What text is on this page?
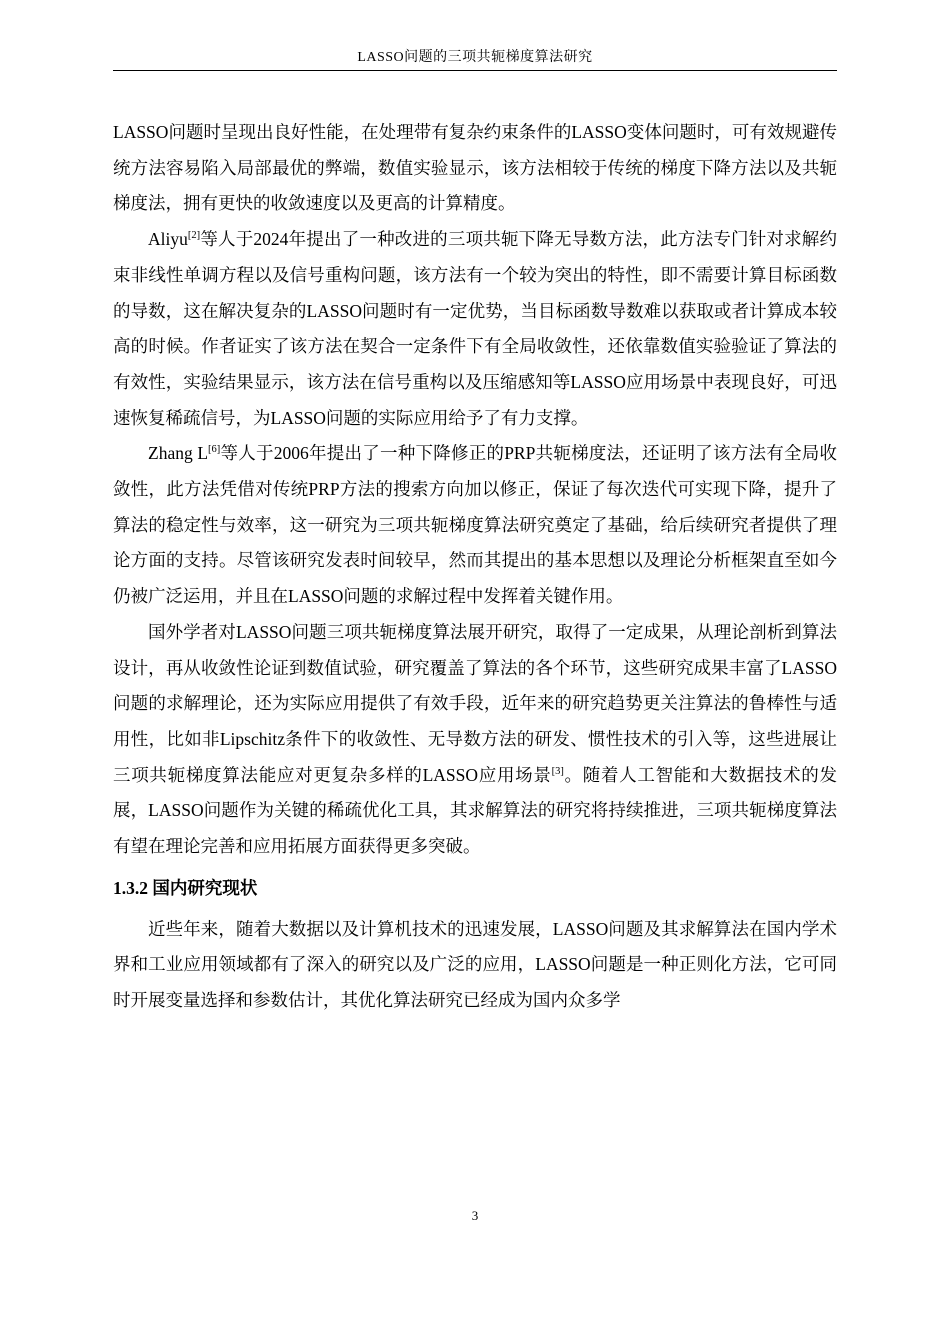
LASSO问题的三项共轭梯度算法研究

LASSO问题时呈现出良好性能，在处理带有复杂约束条件的LASSO变体问题时，可有效规避传统方法容易陷入局部最优的弊端，数值实验显示，该方法相较于传统的梯度下降方法以及共轭梯度法，拥有更快的收敛速度以及更高的计算精度。

Aliyu[2]等人于2024年提出了一种改进的三项共轭下降无导数方法，此方法专门针对求解约束非线性单调方程以及信号重构问题，该方法有一个较为突出的特性，即不需要计算目标函数的导数，这在解决复杂的LASSO问题时有一定优势，当目标函数导数难以获取或者计算成本较高的时候。作者证实了该方法在契合一定条件下有全局收敛性，还依靠数值实验验证了算法的有效性，实验结果显示，该方法在信号重构以及压缩感知等LASSO应用场景中表现良好，可迅速恢复稀疏信号，为LASSO问题的实际应用给予了有力支撑。

Zhang L[6]等人于2006年提出了一种下降修正的PRP共轭梯度法，还证明了该方法有全局收敛性，此方法凭借对传统PRP方法的搜索方向加以修正，保证了每次迭代可实现下降，提升了算法的稳定性与效率，这一研究为三项共轭梯度算法研究奠定了基础，给后续研究者提供了理论方面的支持。尽管该研究发表时间较早，然而其提出的基本思想以及理论分析框架直至如今仍被广泛运用，并且在LASSO问题的求解过程中发挥着关键作用。

国外学者对LASSO问题三项共轭梯度算法展开研究，取得了一定成果，从理论剖析到算法设计，再从收敛性论证到数值试验，研究覆盖了算法的各个环节，这些研究成果丰富了LASSO问题的求解理论，还为实际应用提供了有效手段，近年来的研究趋势更关注算法的鲁棒性与适用性，比如非Lipschitz条件下的收敛性、无导数方法的研发、惯性技术的引入等，这些进展让三项共轭梯度算法能应对更复杂多样的LASSO应用场景[3]。随着人工智能和大数据技术的发展，LASSO问题作为关键的稀疏优化工具，其求解算法的研究将持续推进，三项共轭梯度算法有望在理论完善和应用拓展方面获得更多突破。

1.3.2 国内研究现状

近些年来，随着大数据以及计算机技术的迅速发展，LASSO问题及其求解算法在国内学术界和工业应用领域都有了深入的研究以及广泛的应用，LASSO问题是一种正则化方法，它可同时开展变量选择和参数估计，其优化算法研究已经成为国内众多学

3
